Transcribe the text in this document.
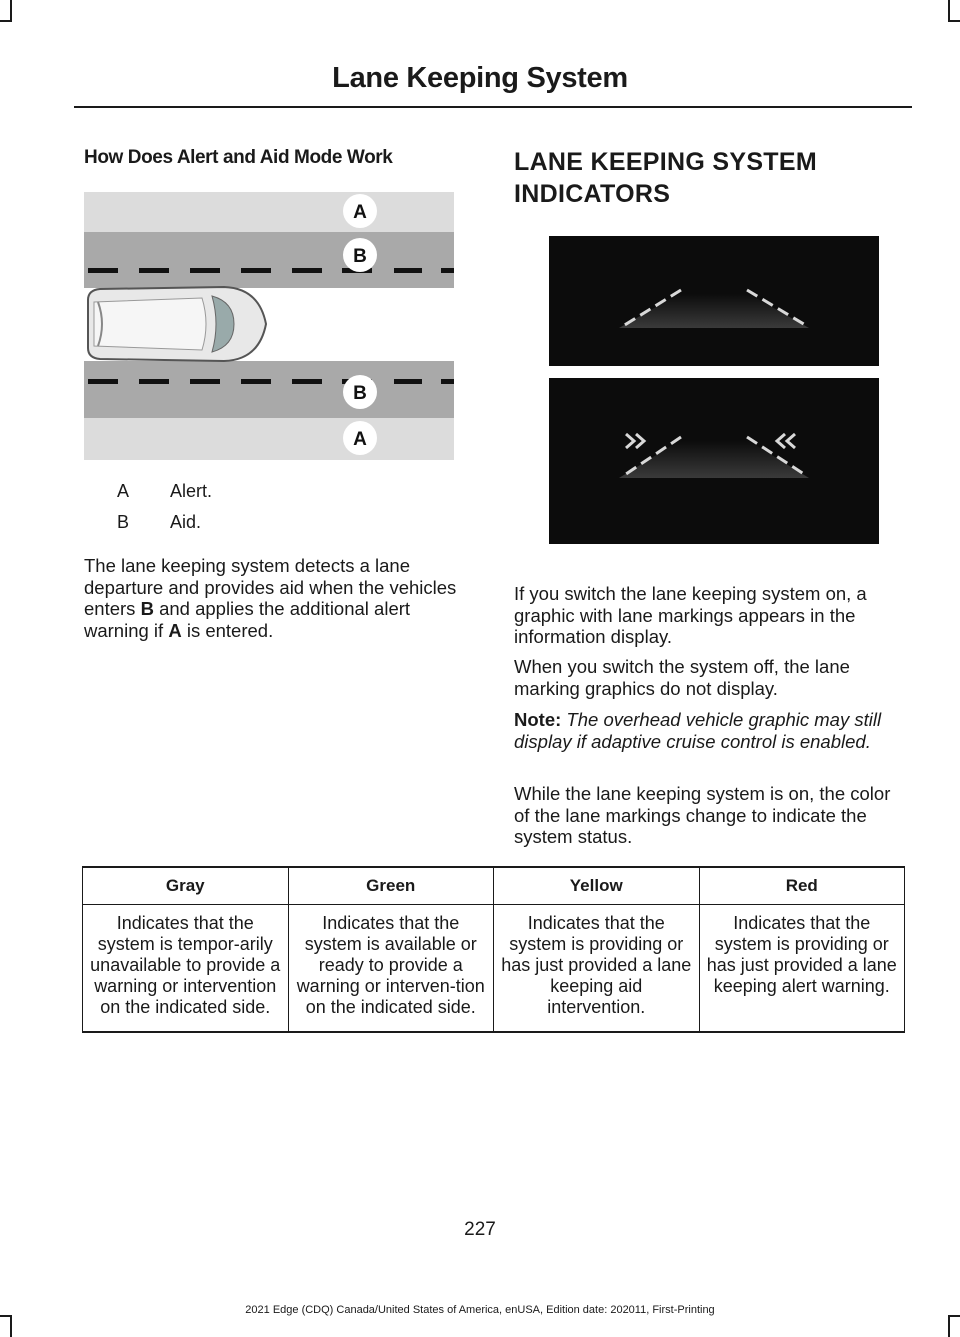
Lane Keeping System
How Does Alert and Aid Mode Work
A
B
B
A
A	Alert.
B	Aid.

The lane keeping system detects a lane departure and provides aid when the vehicles enters B and applies the additional alert warning if A is entered.

LANE KEEPING SYSTEM
INDICATORS

If you switch the lane keeping system on, a graphic with lane markings appears in the information display.

When you switch the system off, the lane marking graphics do not display.

Note: The overhead vehicle graphic may still display if adaptive cruise control is enabled.

While the lane keeping system is on, the color of the lane markings change to indicate the system status.

Gray	Green	Yellow	Red
Indicates that the system is tempor-arily unavailable to provide a warning or intervention on the indicated side.	Indicates that the system is available or ready to provide a warning or interven-tion on the indicated side.	Indicates that the system is providing or has just provided a lane keeping aid intervention.	Indicates that the system is providing or has just provided a lane keeping alert warning.
227
2021 Edge (CDQ) Canada/United States of America, enUSA, Edition date: 202011, First-Printing
